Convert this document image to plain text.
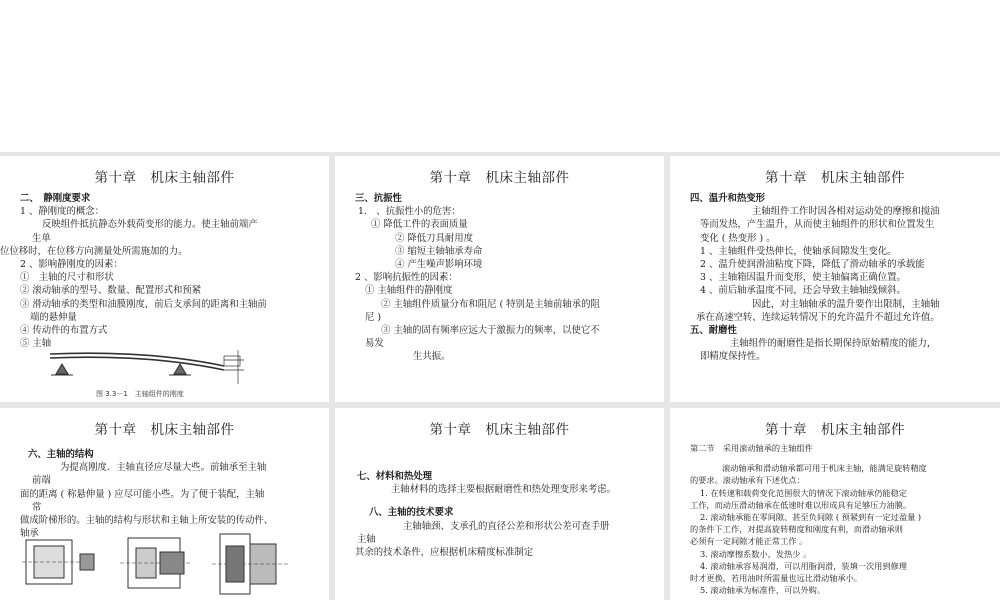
第十章　机床主轴部件
二、　静刚度要求
1 、静刚度的概念：
反映组件抵抗静态外载荷变形的能力。使主轴前端产
生单
位位移时，在位移方向测量处所需施加的力。
2 、影响静刚度的因素：
①　主轴的尺寸和形状
② 滚动轴承的型号、数量、配置形式和预紧
③ 滑动轴承的类型和油膜刚度，前后支承间的距离和主轴前
端的悬伸量
④ 传动件的布置方式
⑤ 主轴
图 3.3－1　主轴组件的刚度
第十章　机床主轴部件
三、抗振性
1.　、抗振性小的危害：
① 降低工件的表面质量
② 降低刀具耐用度
③ 缩短主轴轴承寿命
④ 产生噪声影响环境
2 、影响抗振性的因素：
① 主轴组件的静刚度
② 主轴组件质量分布和阻尼 ( 特别是主轴前轴承的阻
尼 )
③ 主轴的固有频率应远大于激振力的频率，以使它不
易发
生共振。
第十章　机床主轴部件
四、温升和热变形
主轴组件工作时因各相对运动处的摩擦和搅油
等而发热，产生温升，从而使主轴组件的形状和位置发生
变化 ( 热变形 ) 。
1 、主轴组件受热伸长，使轴承间隙发生变化。
2 、温升使润滑油粘度下降，降低了滑动轴承的承载能
3 、主轴箱因温升而变形，使主轴偏离正确位置。
4 、前后轴承温度不同，还会导致主轴轴线倾斜。
因此，对主轴轴承的温升要作出限制，主轴轴
承在高速空转、连续运转情况下的允许温升不超过允许值。
五、耐磨性
主轴组件的耐磨性是指长期保持原始精度的能力，
即精度保持性。
第十章　机床主轴部件
六、主轴的结构
为提高刚度．主轴直径应尽量大些。前轴承至主轴
前端
面的距离 ( 称悬伸量 ) 应尽可能小些。为了便于装配，主轴
常
做成阶梯形的。主轴的结构与形状和主轴上所安装的传动件、
轴承
第十章　机床主轴部件
七、材料和热处理
主轴材料的选择主要根据耐磨性和热处理变形来考虑。
八、主轴的技术要求
主轴轴颈、支承孔的直径公差和形状公差可查手册
主轴
其余的技术条件，应根据机床精度标准制定
第十章　机床主轴部件
第二节　采用滚动轴承的主轴组件
滚动轴承和滑动轴承都可用于机床主轴，能满足旋转精度
的要求。滚动轴承有下述优点：
1. 在转速和载荷变化范围很大的情况下滚动轴承仍能稳定
工作，而动压滑动轴承在低速时难以形成具有足够压力油膜。
2. 滚动轴承能在零间隙、甚至负间隙 ( 预紧到有一定过盈量 )
的条件下工作，对提高旋转精度和刚度有利，而滑动轴承则
必须有一定间隙才能正常工作 。
3. 滚动摩擦系数小，发热少 。
4. 滚动轴承容易润滑，可以用脂润滑，装填一次用到修理
时才更换，若用油时所需量也远比滑动轴承小。
5. 滚动轴承为标准件，可以外购。
